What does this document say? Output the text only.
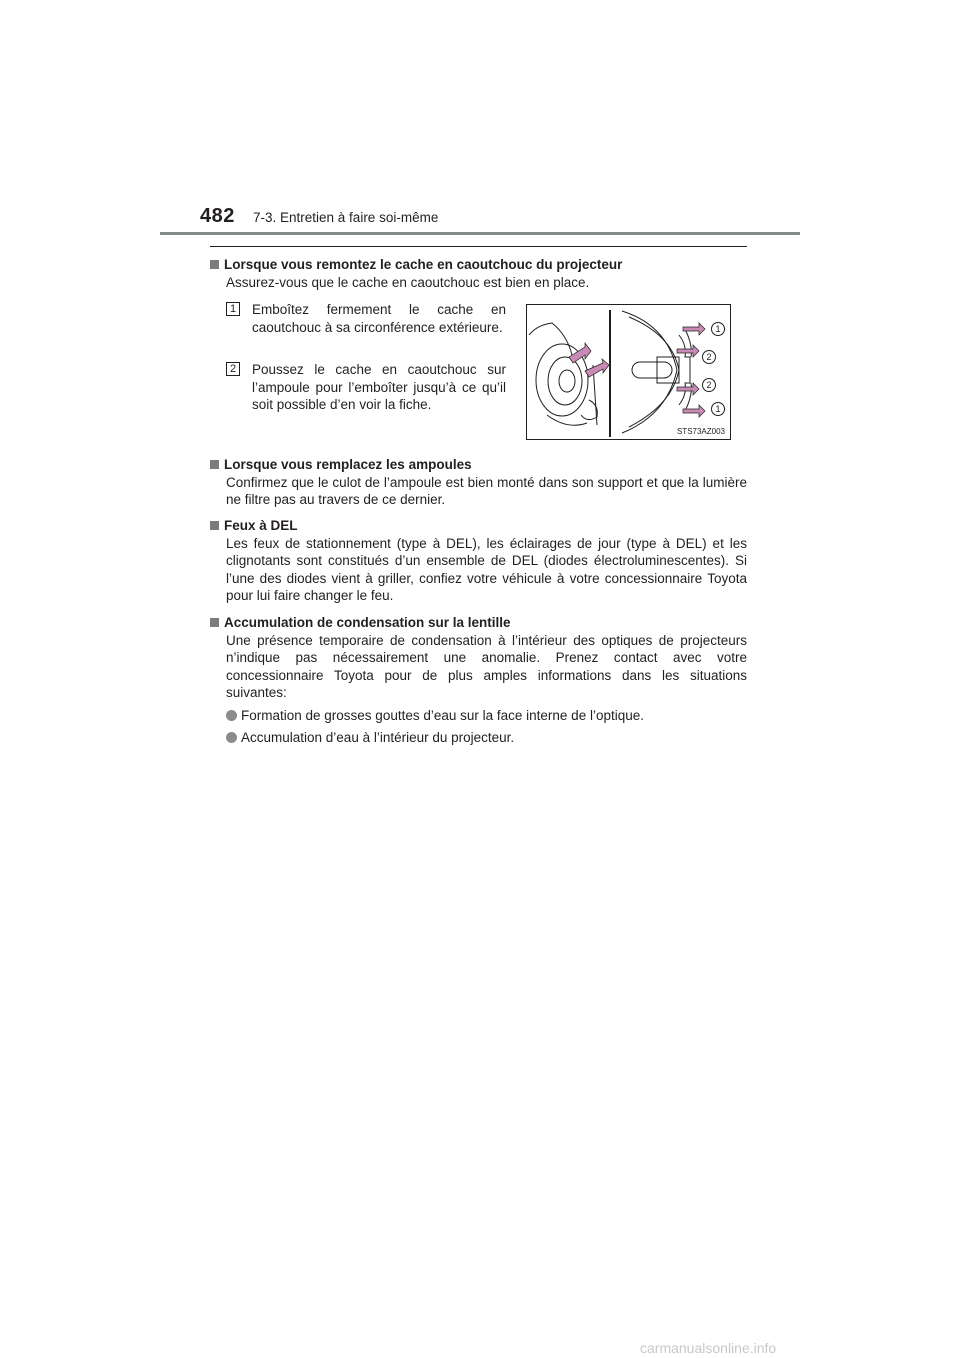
482 7-3. Entretien à faire soi-même
Lorsque vous remontez le cache en caoutchouc du projecteur
Assurez-vous que le cache en caoutchouc est bien en place.
1 Emboîtez fermement le cache en caoutchouc à sa circonférence extérieure.
2 Poussez le cache en caoutchouc sur l’ampoule pour l’emboîter jusqu’à ce qu’il soit possible d’en voir la fiche.
1
2
2
1
STS73AZ003
Lorsque vous remplacez les ampoules
Confirmez que le culot de l’ampoule est bien monté dans son support et que la lumière ne filtre pas au travers de ce dernier.
Feux à DEL
Les feux de stationnement (type à DEL), les éclairages de jour (type à DEL) et les clignotants sont constitués d’un ensemble de DEL (diodes électroluminescentes). Si l’une des diodes vient à griller, confiez votre véhicule à votre concessionnaire Toyota pour lui faire changer le feu.
Accumulation de condensation sur la lentille
Une présence temporaire de condensation à l’intérieur des optiques de projecteurs n’indique pas nécessairement une anomalie. Prenez contact avec votre concessionnaire Toyota pour de plus amples informations dans les situations suivantes:
Formation de grosses gouttes d’eau sur la face interne de l’optique.
Accumulation d’eau à l’intérieur du projecteur.
carmanualsonline.info
